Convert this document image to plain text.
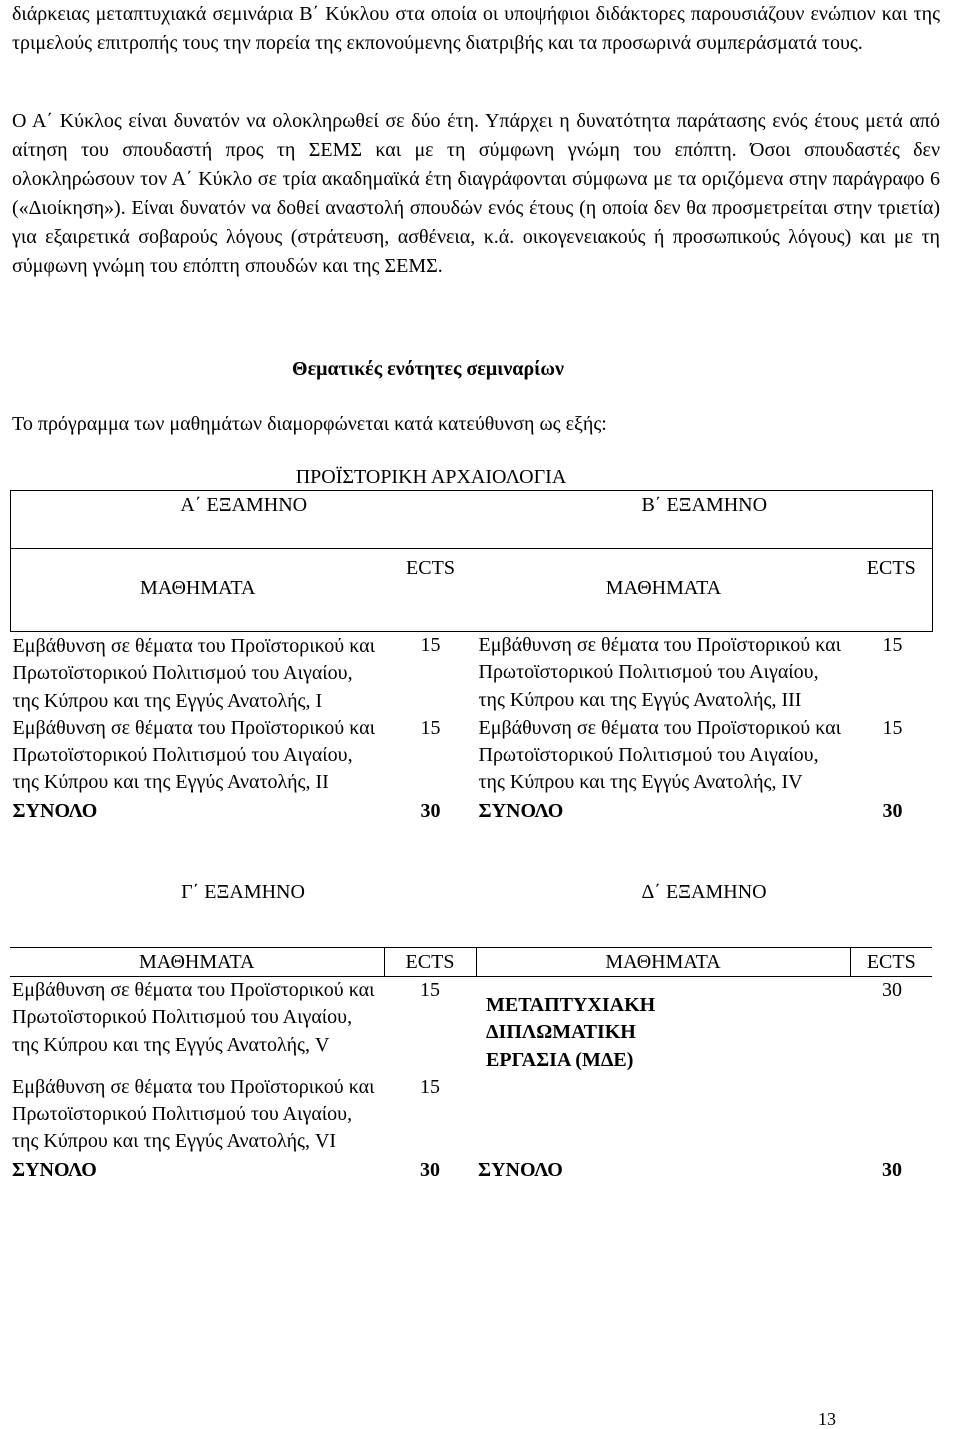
διάρκειας μεταπτυχιακά σεμινάρια Β΄ Κύκλου στα οποία οι υποψήφιοι διδάκτορες παρουσιάζουν ενώπιον και της τριμελούς επιτροπής τους την πορεία της εκπονούμενης διατριβής και τα προσωρινά συμπεράσματά τους.

Ο Α΄ Κύκλος είναι δυνατόν να ολοκληρωθεί σε δύο έτη. Υπάρχει η δυνατότητα παράτασης ενός έτους μετά από αίτηση του σπουδαστή προς τη ΣΕΜΣ και με τη σύμφωνη γνώμη του επόπτη. Όσοι σπουδαστές δεν ολοκληρώσουν τον Α΄ Κύκλο σε τρία ακαδημαϊκά έτη διαγράφονται σύμφωνα με τα οριζόμενα στην παράγραφο 6 («Διοίκηση»). Είναι δυνατόν να δοθεί αναστολή σπουδών ενός έτους (η οποία δεν θα προσμετρείται στην τριετία) για εξαιρετικά σοβαρούς λόγους (στράτευση, ασθένεια, κ.ά. οικογενειακούς ή προσωπικούς λόγους) και με τη σύμφωνη γνώμη του επόπτη σπουδών και της ΣΕΜΣ.

Θεματικές ενότητες σεμιναρίων

Το πρόγραμμα των μαθημάτων διαμορφώνεται κατά κατεύθυνση ως εξής:

ΠΡΟΪΣΤΟΡΙΚΗ ΑΡΧΑΙΟΛΟΓΙΑ

Α΄ ΕΞΑΜΗΝΟ		Β΄ ΕΞΑΜΗΝΟ	

ΜΑΘΗΜΑΤΑ	ECTS	ΜΑΘΗΜΑΤΑ	ECTS

Εμβάθυνση σε θέματα του Προϊστορικού και Πρωτοϊστορικού Πολιτισμού του Αιγαίου, της Κύπρου και της Εγγύς Ανατολής, Ι	15	Εμβάθυνση σε θέματα του Προϊστορικού και Πρωτοϊστορικού Πολιτισμού του Αιγαίου, της Κύπρου και της Εγγύς Ανατολής, ΙΙΙ	15
Εμβάθυνση σε θέματα του Προϊστορικού και Πρωτοϊστορικού Πολιτισμού του Αιγαίου, της Κύπρου και της Εγγύς Ανατολής, ΙΙ	15	Εμβάθυνση σε θέματα του Προϊστορικού και Πρωτοϊστορικού Πολιτισμού του Αιγαίου, της Κύπρου και της Εγγύς Ανατολής, ΙV	15
ΣΥΝΟΛΟ	30	ΣΥΝΟΛΟ	30
Γ΄ ΕΞΑΜΗΝΟ		Δ΄ ΕΞΑΜΗΝΟ	

ΜΑΘΗΜΑΤΑ	ECTS	ΜΑΘΗΜΑΤΑ	ECTS
Εμβάθυνση σε θέματα του Προϊστορικού και Πρωτοϊστορικού Πολιτισμού του Αιγαίου, της Κύπρου και της Εγγύς Ανατολής, V	15	ΜΕΤΑΠΤΥΧΙΑΚΗ
ΔΙΠΛΩΜΑΤΙΚΗ
ΕΡΓΑΣΙΑ (ΜΔΕ)	30
Εμβάθυνση σε θέματα του Προϊστορικού και Πρωτοϊστορικού Πολιτισμού του Αιγαίου, της Κύπρου και της Εγγύς Ανατολής, VΙ	15		
ΣΥΝΟΛΟ	30	ΣΥΝΟΛΟ	30
13
